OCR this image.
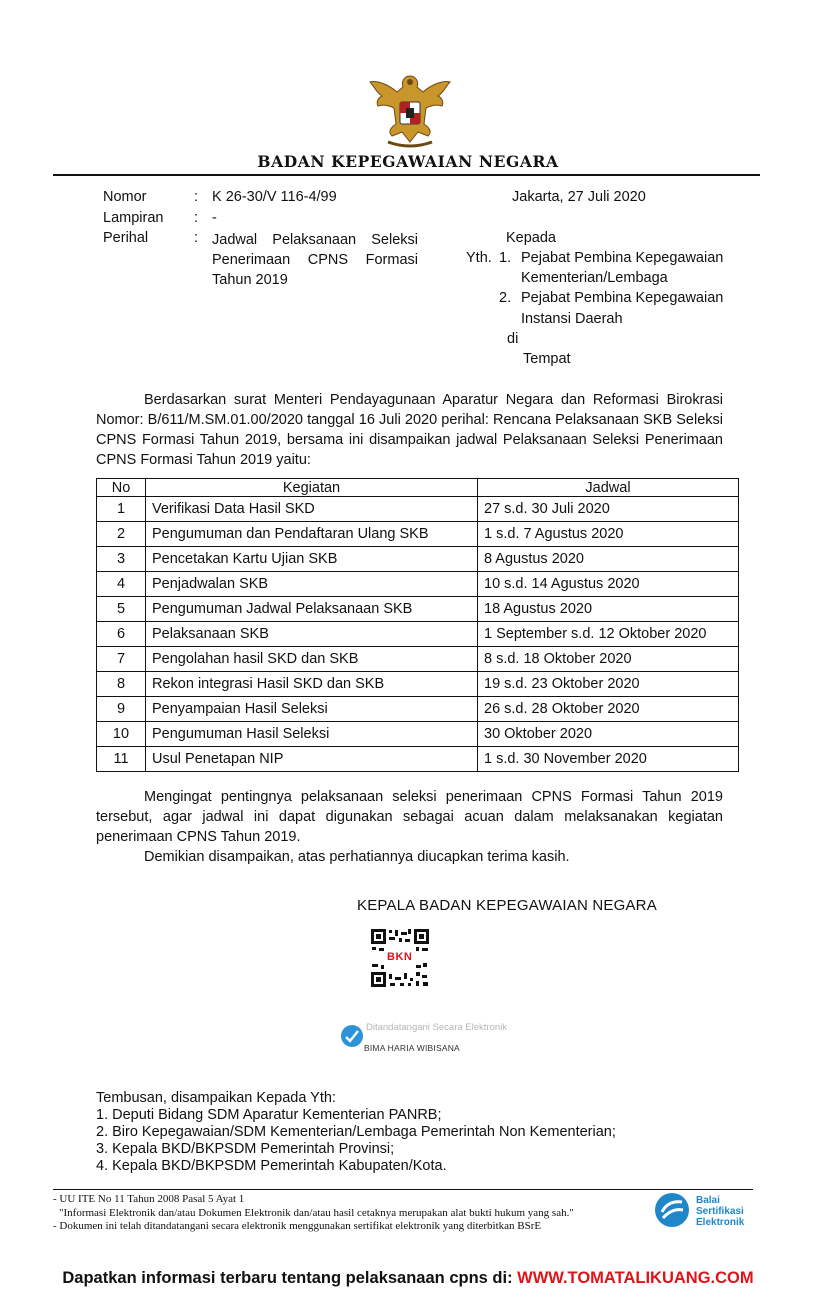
BADAN KEPEGAWAIAN NEGARA
Nomor	: K 26-30/V 116-4/99
Lampiran : -
Perihal	: Jadwal Pelaksanaan Seleksi
Penerimaan CPNS Formasi
Tahun 2019
Jakarta, 27 Juli 2020
Kepada
Yth. 1. Pejabat Pembina Kepegawaian
Kementerian/Lembaga
2. Pejabat Pembina Kepegawaian
Instansi Daerah
di
Tempat
Berdasarkan surat Menteri Pendayagunaan Aparatur Negara dan Reformasi Birokrasi Nomor: B/611/M.SM.01.00/2020 tanggal 16 Juli 2020 perihal: Rencana Pelaksanaan SKB Seleksi CPNS Formasi Tahun 2019, bersama ini disampaikan jadwal Pelaksanaan Seleksi Penerimaan CPNS Formasi Tahun 2019 yaitu:
No	Kegiatan	Jadwal
1	Verifikasi Data Hasil SKD	27 s.d. 30 Juli 2020
2	Pengumuman dan Pendaftaran Ulang SKB	1 s.d. 7 Agustus 2020
3	Pencetakan Kartu Ujian SKB	8 Agustus 2020
4	Penjadwalan SKB	10 s.d. 14 Agustus 2020
5	Pengumuman Jadwal Pelaksanaan SKB	18 Agustus 2020
6	Pelaksanaan SKB	1 September s.d. 12 Oktober 2020
7	Pengolahan hasil SKD dan SKB	8 s.d. 18 Oktober 2020
8	Rekon integrasi Hasil SKD dan SKB	19 s.d. 23 Oktober 2020
9	Penyampaian Hasil Seleksi	26 s.d. 28 Oktober 2020
10	Pengumuman Hasil Seleksi	30 Oktober 2020
11	Usul Penetapan NIP	1 s.d. 30 November 2020
Mengingat pentingnya pelaksanaan seleksi penerimaan CPNS Formasi Tahun 2019 tersebut, agar jadwal ini dapat digunakan sebagai acuan dalam melaksanakan kegiatan penerimaan CPNS Tahun 2019.
Demikian disampaikan, atas perhatiannya diucapkan terima kasih.
KEPALA BADAN KEPEGAWAIAN NEGARA
BKN
Ditandatangani Secara Elektronik
BIMA HARIA WIBISANA
Tembusan, disampaikan Kepada Yth:
1. Deputi Bidang SDM Aparatur Kementerian PANRB;
2. Biro Kepegawaian/SDM Kementerian/Lembaga Pemerintah Non Kementerian;
3. Kepala BKD/BKPSDM Pemerintah Provinsi;
4. Kepala BKD/BKPSDM Pemerintah Kabupaten/Kota.
- UU ITE No 11 Tahun 2008 Pasal 5 Ayat 1
"Informasi Elektronik dan/atau Dokumen Elektronik dan/atau hasil cetaknya merupakan alat bukti hukum yang sah."
- Dokumen ini telah ditandatangani secara elektronik menggunakan sertifikat elektronik yang diterbitkan BSrE
Balai
Sertifikasi
Elektronik
Dapatkan informasi terbaru tentang pelaksanaan cpns di: WWW.TOMATALIKUANG.COM
